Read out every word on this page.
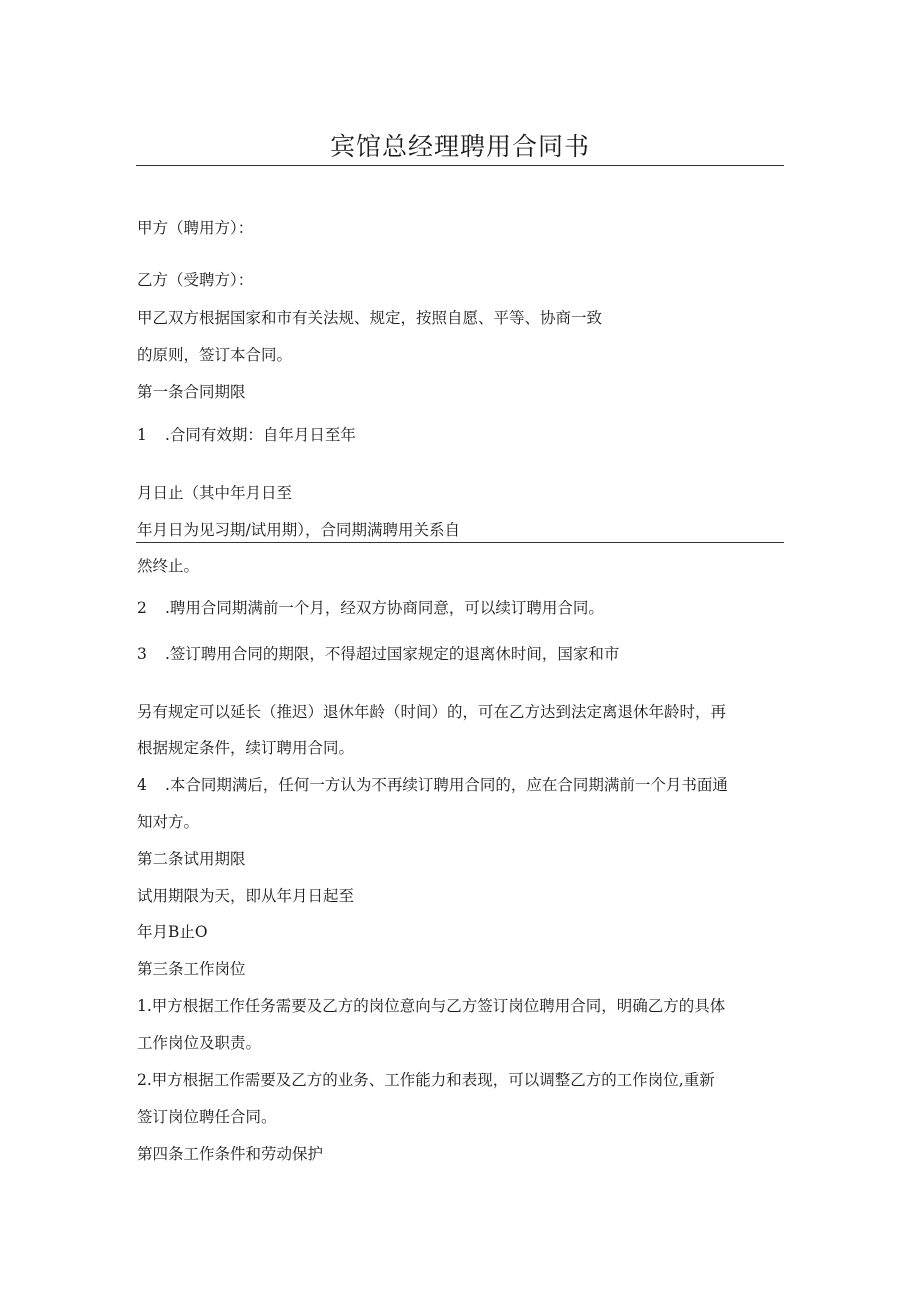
宾馆总经理聘用合同书

甲方（聘用方）：

乙方（受聘方）：

甲乙双方根据国家和市有关法规、规定，按照自愿、平等、协商一致

的原则，签订本合同。

第一条合同期限

1 .合同有效期：自年月日至年

月日止（其中年月日至

年月日为见习期/试用期），合同期满聘用关系自

然终止。

2 .聘用合同期满前一个月，经双方协商同意，可以续订聘用合同。

3 .签订聘用合同的期限，不得超过国家规定的退离休时间，国家和市

另有规定可以延长（推迟）退休年龄（时间）的，可在乙方达到法定离退休年龄时，再

根据规定条件，续订聘用合同。

4 .本合同期满后，任何一方认为不再续订聘用合同的，应在合同期满前一个月书面通

知对方。

第二条试用期限

试用期限为天，即从年月日起至

年月B止O

第三条工作岗位

1.甲方根据工作任务需要及乙方的岗位意向与乙方签订岗位聘用合同，明确乙方的具体

工作岗位及职责。

2.甲方根据工作需要及乙方的业务、工作能力和表现，可以调整乙方的工作岗位,重新

签订岗位聘任合同。

第四条工作条件和劳动保护
